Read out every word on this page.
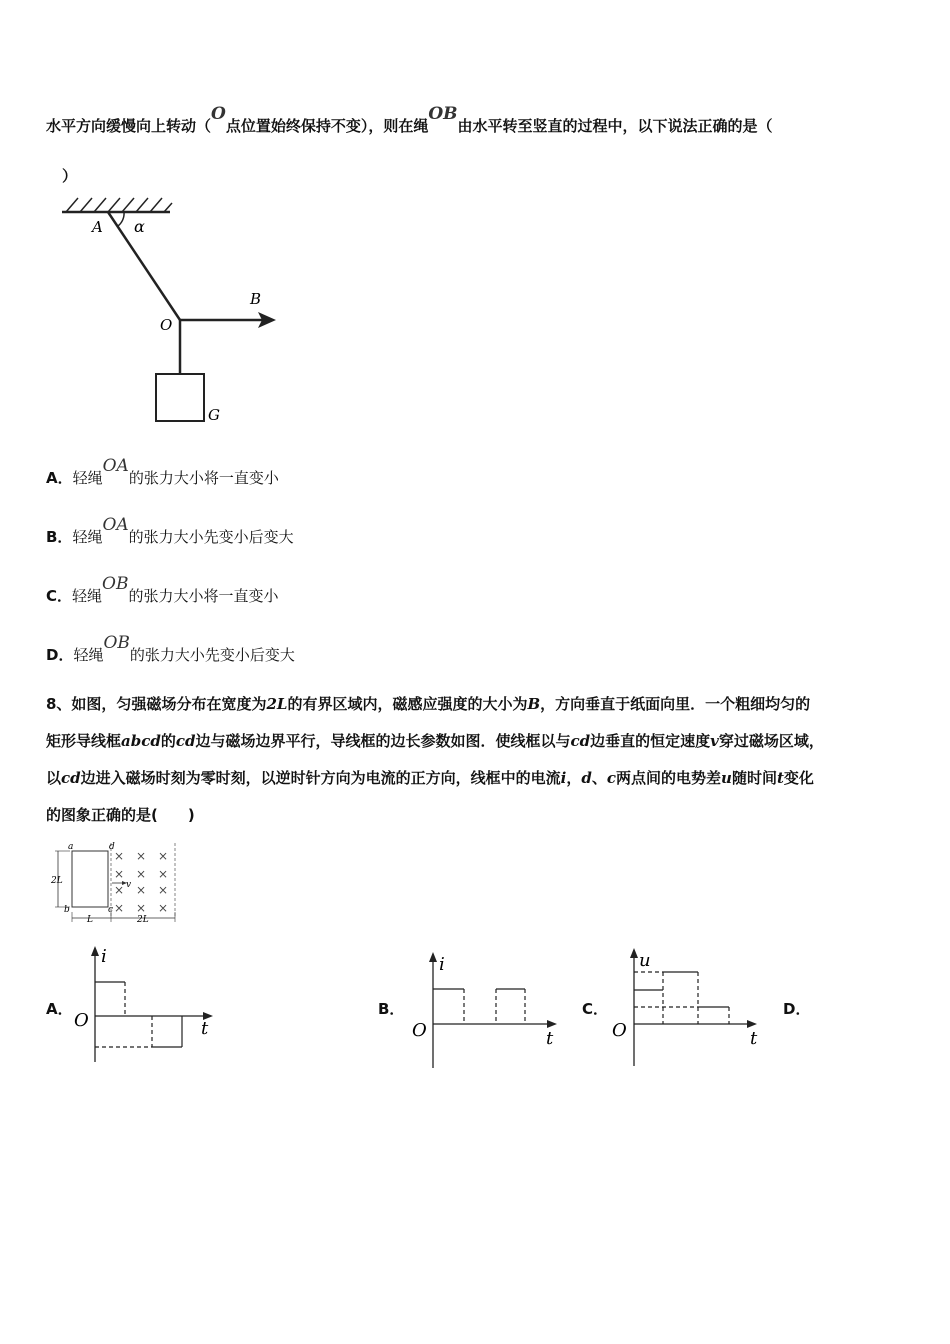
水平方向缓慢向上转动（O点位置始终保持不变），则在绳OB由水平转至竖直的过程中，以下说法正确的是（
）
A α
B
O
G
A．轻绳OA的张力大小将一直变小
B．轻绳OA的张力大小先变小后变大
C．轻绳OB的张力大小将一直变小
D．轻绳OB的张力大小先变小后变大
8、如图，匀强磁场分布在宽度为2L的有界区域内，磁感应强度的大小为B，方向垂直于纸面向里．一个粗细均匀的
矩形导线框abcd的cd边与磁场边界平行，导线框的边长参数如图．使线框以与cd边垂直的恒定速度v穿过磁场区域，
以cd边进入磁场时刻为零时刻，以逆时针方向为电流的正方向，线框中的电流i，d、c两点间的电势差u随时间t变化
的图象正确的是(　　)
a
b	c
d
2L
L	2L
v
× × ×
× × ×
× × ×
× × ×
A．
i
O	t
B．
i
O	t
C．
u
O	t
D．
